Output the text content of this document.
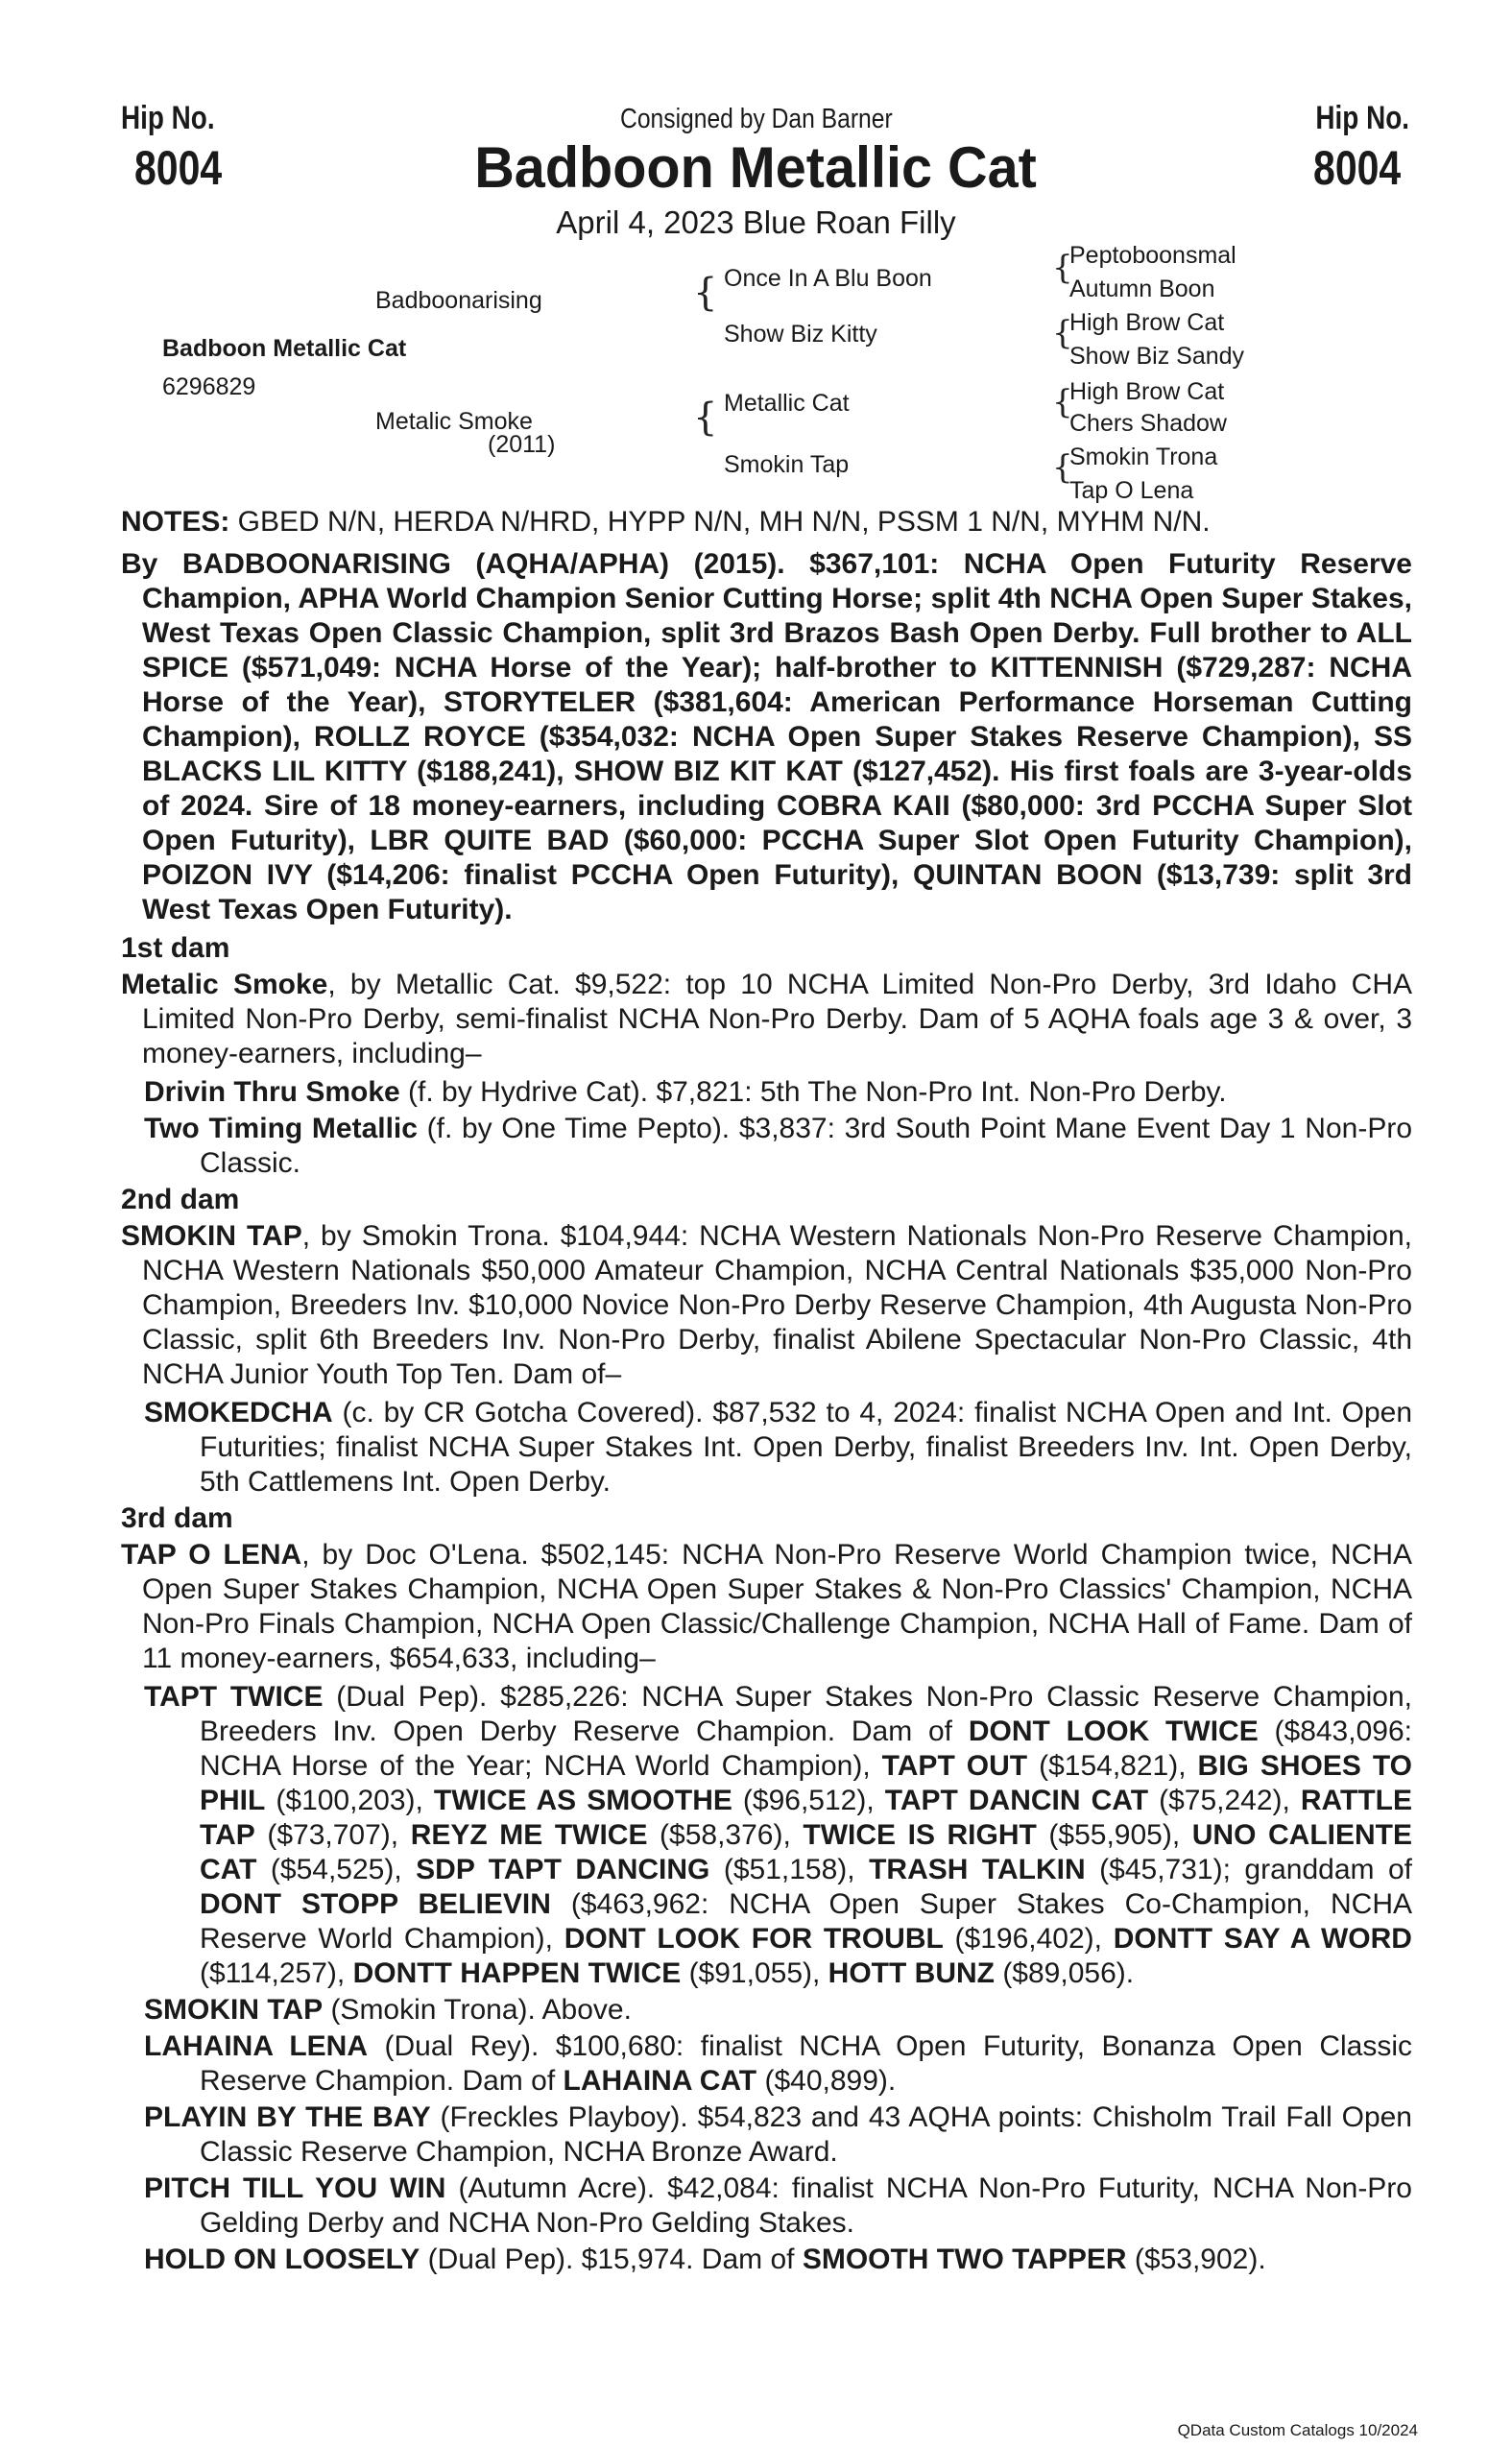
Hip No.
8004
Hip No.
8004
Consigned by Dan Barner
Badboon Metallic Cat
April 4, 2023 Blue Roan Filly
Badboonarising
Badboon Metallic Cat
6296829
Metalic Smoke
(2011)
{ Once In A Blu Boon
Show Biz Kitty
{ Metallic Cat
Smokin Tap
{
Peptoboonsmal
Autumn Boon
{
High Brow Cat
Show Biz Sandy
{
High Brow Cat
Chers Shadow
{
Smokin Trona
Tap O Lena
NOTES: GBED N/N, HERDA N/HRD, HYPP N/N, MH N/N, PSSM 1 N/N, MYHM N/N.
By BADBOONARISING (AQHA/APHA) (2015). $367,101: NCHA Open Futurity Reserve Champion, APHA World Champion Senior Cutting Horse; split 4th NCHA Open Super Stakes, West Texas Open Classic Champion, split 3rd Brazos Bash Open Derby. Full brother to ALL SPICE ($571,049: NCHA Horse of the Year); half-brother to KITTENNISH ($729,287: NCHA Horse of the Year), STORYTELER ($381,604: American Performance Horseman Cutting Champion), ROLLZ ROYCE ($354,032: NCHA Open Super Stakes Reserve Champion), SS BLACKS LIL KITTY ($188,241), SHOW BIZ KIT KAT ($127,452). His first foals are 3-year-olds of 2024. Sire of 18 money-earners, including COBRA KAII ($80,000: 3rd PCCHA Super Slot Open Futurity), LBR QUITE BAD ($60,000: PCCHA Super Slot Open Futurity Champion), POIZON IVY ($14,206: finalist PCCHA Open Futurity), QUINTAN BOON ($13,739: split 3rd West Texas Open Futurity).
1st dam
Metalic Smoke, by Metallic Cat. $9,522: top 10 NCHA Limited Non-Pro Derby, 3rd Idaho CHA Limited Non-Pro Derby, semi-finalist NCHA Non-Pro Derby. Dam of 5 AQHA foals age 3 & over, 3 money-earners, including–
Drivin Thru Smoke (f. by Hydrive Cat). $7,821: 5th The Non-Pro Int. Non-Pro Derby.
Two Timing Metallic (f. by One Time Pepto). $3,837: 3rd South Point Mane Event Day 1 Non-Pro Classic.
2nd dam
SMOKIN TAP, by Smokin Trona. $104,944: NCHA Western Nationals Non-Pro Reserve Champion, NCHA Western Nationals $50,000 Amateur Champion, NCHA Central Nationals $35,000 Non-Pro Champion, Breeders Inv. $10,000 Novice Non-Pro Derby Reserve Champion, 4th Augusta Non-Pro Classic, split 6th Breeders Inv. Non-Pro Derby, finalist Abilene Spectacular Non-Pro Classic, 4th NCHA Junior Youth Top Ten. Dam of–
SMOKEDCHA (c. by CR Gotcha Covered). $87,532 to 4, 2024: finalist NCHA Open and Int. Open Futurities; finalist NCHA Super Stakes Int. Open Derby, finalist Breeders Inv. Int. Open Derby, 5th Cattlemens Int. Open Derby.
3rd dam
TAP O LENA, by Doc O'Lena. $502,145: NCHA Non-Pro Reserve World Champion twice, NCHA Open Super Stakes Champion, NCHA Open Super Stakes & Non-Pro Classics' Champion, NCHA Non-Pro Finals Champion, NCHA Open Classic/Challenge Champion, NCHA Hall of Fame. Dam of 11 money-earners, $654,633, including–
TAPT TWICE (Dual Pep). $285,226: NCHA Super Stakes Non-Pro Classic Reserve Champion, Breeders Inv. Open Derby Reserve Champion. Dam of DONT LOOK TWICE ($843,096: NCHA Horse of the Year; NCHA World Champion), TAPT OUT ($154,821), BIG SHOES TO PHIL ($100,203), TWICE AS SMOOTHE ($96,512), TAPT DANCIN CAT ($75,242), RATTLE TAP ($73,707), REYZ ME TWICE ($58,376), TWICE IS RIGHT ($55,905), UNO CALIENTE CAT ($54,525), SDP TAPT DANCING ($51,158), TRASH TALKIN ($45,731); granddam of DONT STOPP BELIEVIN ($463,962: NCHA Open Super Stakes Co-Champion, NCHA Reserve World Champion), DONT LOOK FOR TROUBL ($196,402), DONTT SAY A WORD ($114,257), DONTT HAPPEN TWICE ($91,055), HOTT BUNZ ($89,056).
SMOKIN TAP (Smokin Trona). Above.
LAHAINA LENA (Dual Rey). $100,680: finalist NCHA Open Futurity, Bonanza Open Classic Reserve Champion. Dam of LAHAINA CAT ($40,899).
PLAYIN BY THE BAY (Freckles Playboy). $54,823 and 43 AQHA points: Chisholm Trail Fall Open Classic Reserve Champion, NCHA Bronze Award.
PITCH TILL YOU WIN (Autumn Acre). $42,084: finalist NCHA Non-Pro Futurity, NCHA Non-Pro Gelding Derby and NCHA Non-Pro Gelding Stakes.
HOLD ON LOOSELY (Dual Pep). $15,974. Dam of SMOOTH TWO TAPPER ($53,902).
QData Custom Catalogs 10/2024
